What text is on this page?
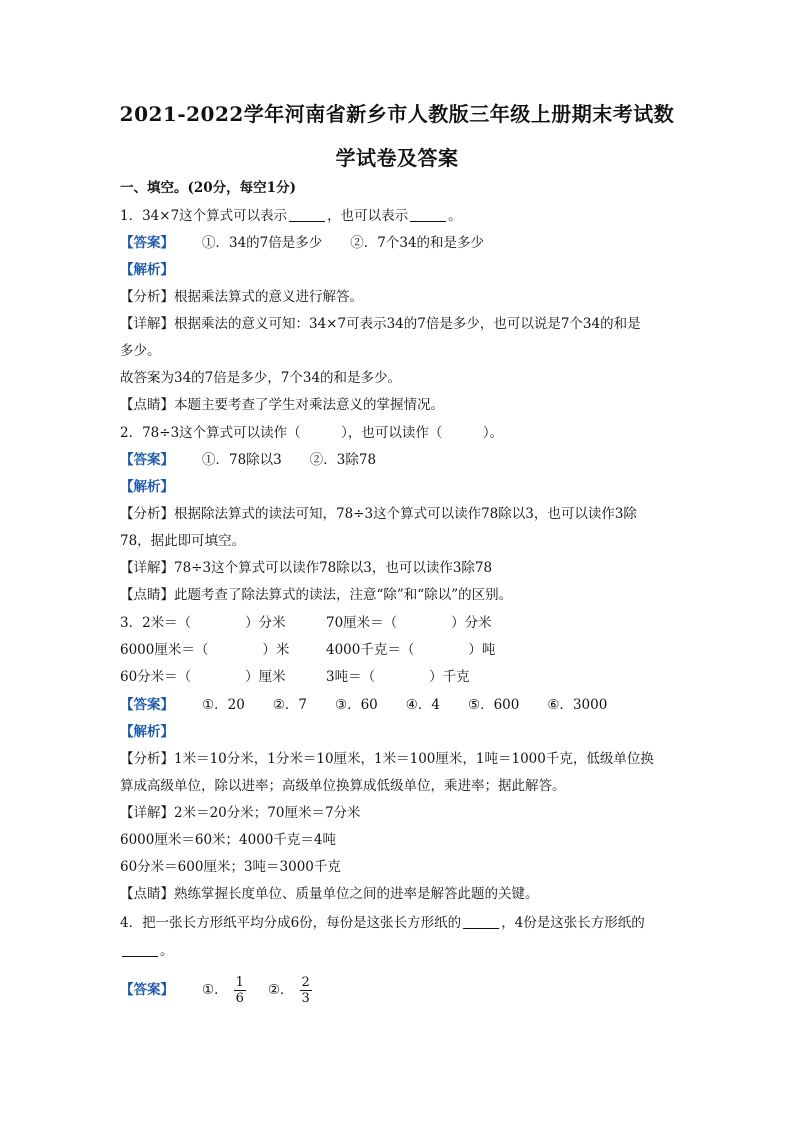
2021-2022学年河南省新乡市人教版三年级上册期末考试数
学试卷及答案
一、填空。(20分，每空1分)
1．34×7这个算式可以表示	，也可以表示	。
【答案】 ①．34的7倍是多少 ②．7个34的和是多少
【解析】
【分析】根据乘法算式的意义进行解答。
【详解】根据乘法的意义可知：34×7可表示34的7倍是多少，也可以说是7个34的和是
多少。
故答案为34的7倍是多少，7个34的和是多少。
【点睛】本题主要考查了学生对乘法意义的掌握情况。
2．78÷3这个算式可以读作（　　　），也可以读作（　　　）。
【答案】 ①．78除以3 ②．3除78
【解析】
【分析】根据除法算式的读法可知，78÷3这个算式可以读作78除以3，也可以读作3除
78，据此即可填空。
【详解】78÷3这个算式可以读作78除以3，也可以读作3除78
【点睛】此题考查了除法算式的读法，注意“除”和“除以”的区别。
3．2米＝（　　　　）分米	70厘米＝（　　　　）分米
6000厘米＝（　　　　）米	4000千克＝（　　　　）吨
60分米＝（　　　　）厘米	3吨＝（　　　　）千克
【答案】 ①．20 ②．7 ③．60 ④．4 ⑤．600 ⑥．3000
【解析】
【分析】1米＝10分米，1分米＝10厘米，1米＝100厘米，1吨＝1000千克，低级单位换
算成高级单位，除以进率；高级单位换算成低级单位，乘进率；据此解答。
【详解】2米＝20分米；70厘米＝7分米
6000厘米＝60米；4000千克＝4吨
60分米＝600厘米；3吨＝3000千克
【点睛】熟练掌握长度单位、质量单位之间的进率是解答此题的关键。
4．把一张长方形纸平均分成6份，每份是这张长方形纸的	，4份是这张长方形纸的
。
【答案】 ①． $\frac{1}{6}$ ②． $\frac{2}{3}$
